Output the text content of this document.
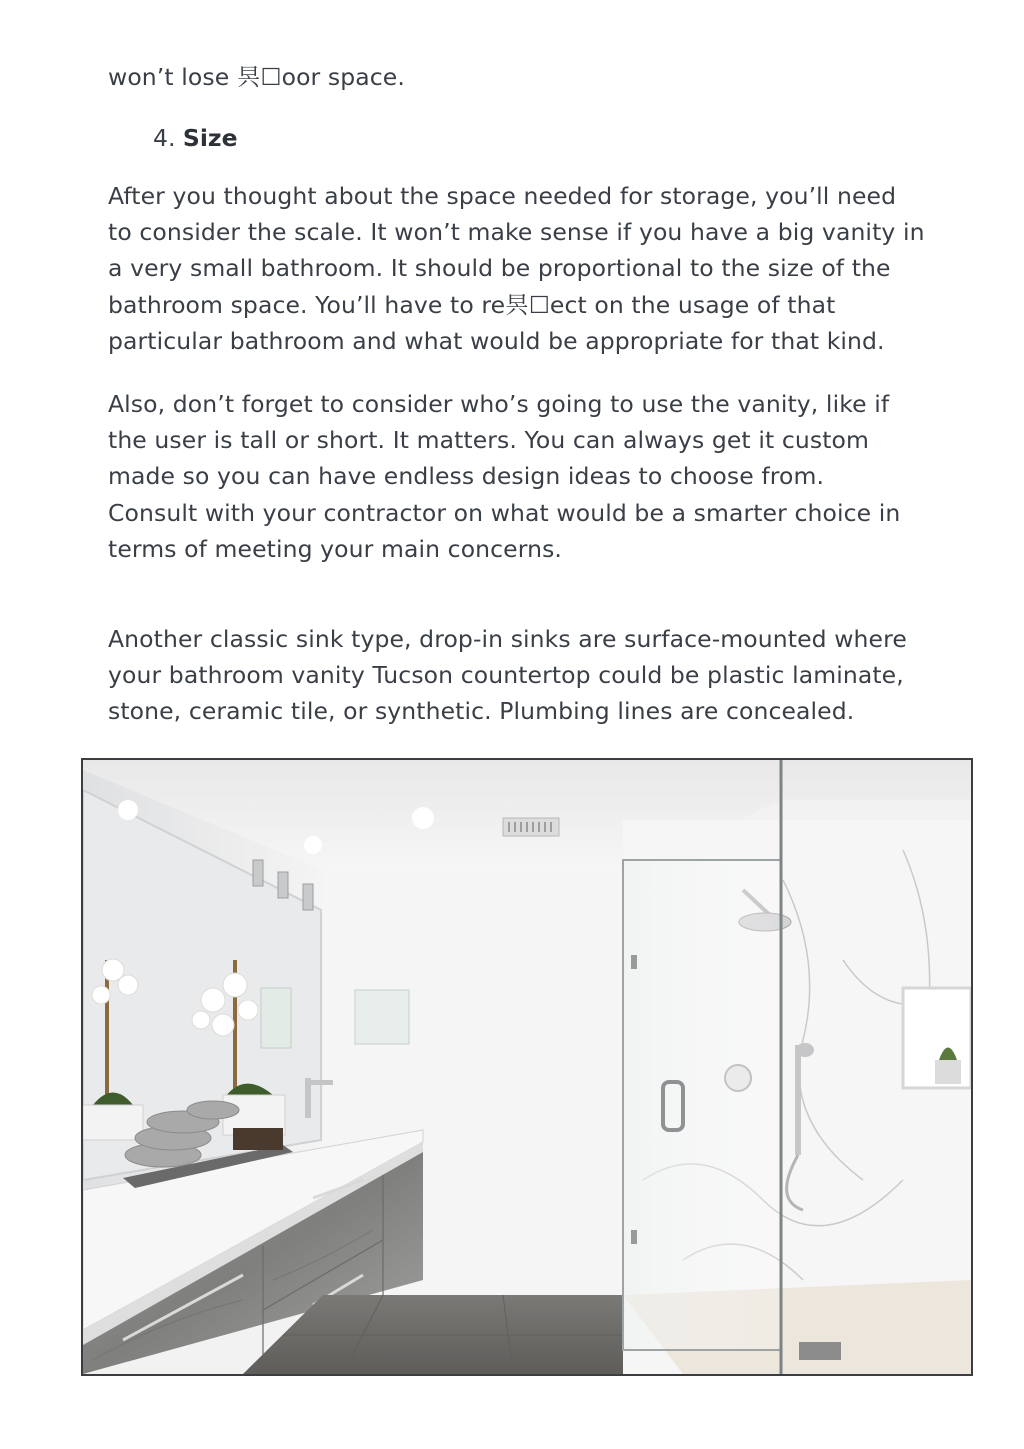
won’t lose 昗☐oor space.

4. Size

After you thought about the space needed for storage, you’ll need
to consider the scale. It won’t make sense if you have a big vanity in
a very small bathroom. It should be proportional to the size of the
bathroom space. You’ll have to re昗☐ect on the usage of that
particular bathroom and what would be appropriate for that kind.

Also, don’t forget to consider who’s going to use the vanity, like if
the user is tall or short. It matters. You can always get it custom
made so you can have endless design ideas to choose from.
Consult with your contractor on what would be a smarter choice in
terms of meeting your main concerns.

Another classic sink type, drop-in sinks are surface-mounted where
your bathroom vanity Tucson countertop could be plastic laminate,
stone, ceramic tile, or synthetic. Plumbing lines are concealed.
